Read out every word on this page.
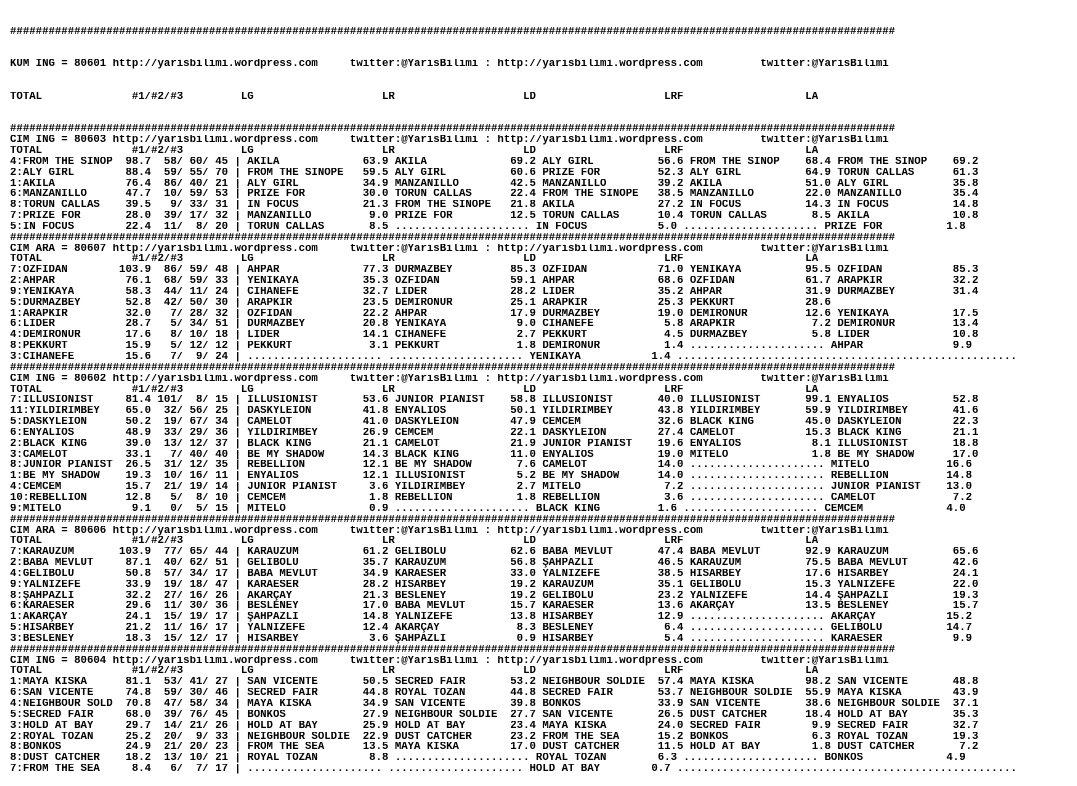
##########################################################################################################################################

KUM ING = 80601 http://yarisbilimi.wordpress.com     twitter:@YarisBilimi : http://yarisbilimi.wordpress.com         twitter:@YarisBilimi

TOTAL              #1/#2/#3         LG                    LR                    LD                    LRF                   LA

##########################################################################################################################################
CIM ING = 80603 http://yarisbilimi.wordpress.com     twitter:@YarisBilimi : http://yarisbilimi.wordpress.com         twitter:@YarisBilimi
TOTAL              #1/#2/#3         LG                    LR                    LD                    LRF                   LA
4:FROM THE SINOP  98.7  58/ 60/ 45 | AKILA             63.9 AKILA             69.2 ALY GIRL          56.6 FROM THE SINOP    68.4 FROM THE SINOP    69.2
2:ALY GIRL        88.4  59/ 55/ 70 | FROM THE SINOPE   59.5 ALY GIRL          60.6 PRIZE FOR         52.3 ALY GIRL          64.9 TORUN CALLAS      61.3
1:AKILA           76.4  86/ 40/ 21 | ALY GIRL          34.9 MANZANILLO        42.5 MANZANILLO        39.2 AKILA             51.0 ALY GIRL          35.8
6:MANZANILLO      47.7  10/ 59/ 53 | PRIZE FOR         30.0 TORUN CALLAS      22.4 FROM THE SINOPE   38.5 MANZANILLO        22.0 MANZANILLO        35.4
8:TORUN CALLAS    39.5   9/ 33/ 31 | IN FOCUS          21.3 FROM THE SINOPE   21.8 AKILA             27.2 IN FOCUS          14.3 IN FOCUS          14.8
7:PRIZE FOR       28.0  39/ 17/ 32 | MANZANILLO         9.0 PRIZE FOR         12.5 TORUN CALLAS      10.4 TORUN CALLAS       8.5 AKILA             10.8
5:IN FOCUS        22.4  11/  8/ 20 | TORUN CALLAS       8.5 ..................... IN FOCUS           5.0 ..................... PRIZE FOR          1.8
##########################################################################################################################################
CIM ARA = 80607 http://yarisbilimi.wordpress.com     twitter:@YarisBilimi : http://yarisbilimi.wordpress.com         twitter:@YarisBilimi
TOTAL              #1/#2/#3         LG                    LR                    LD                    LRF                   LA
7:ÖZFİDAN        103.9  86/ 59/ 48 | AHPAR             77.3 DURMAZBEY         85.3 ÖZFİDAN           71.0 YENİKAYA          95.5 ÖZFİDAN           85.3
2:AHPAR           76.1  68/ 59/ 33 | YENİKAYA          35.3 ÖZFİDAN           59.1 AHPAR             68.6 ÖZFİDAN           61.7 ARAPKIR           32.2
9:YENİKAYA        58.3  44/ 11/ 24 | CİHANEFE          32.7 LİDER             28.2 LİDER             35.2 AHPAR             31.9 DURMAZBEY         31.4
5:DURMAZBEY       52.8  42/ 50/ 30 | ARAPKIR           23.5 DEMİRONUR         25.1 ARAPKIR           25.3 PEKKURT           28.6
1:ARAPKIR         32.0   7/ 28/ 32 | ÖZFİDAN           22.2 AHPAR             17.9 DURMAZBEY         19.0 DEMİRONUR         12.6 YENİKAYA          17.5
6:LİDER           28.7   5/ 34/ 51 | DURMAZBEY         20.8 YENİKAYA           9.0 CİHANEFE           5.8 ARAPKIR            7.2 DEMİRONUR         13.4
4:DEMİRONUR       17.6   8/ 10/ 18 | LİDER             14.1 CİHANEFE           2.7 PEKKURT            4.5 DURMAZBEY          5.8 LİDER             10.8
8:PEKKURT         15.9   5/ 12/ 12 | PEKKURT            3.1 PEKKURT            1.8 DEMİRONUR          1.4 ..................... AHPAR              9.9
3:CİHANEFE        15.6   7/  9/ 24 | ..................... ..................... YENİKAYA           1.4 .....................................................
##########################################################################################################################################
CIM ING = 80602 http://yarisbilimi.wordpress.com     twitter:@YarisBilimi : http://yarisbilimi.wordpress.com         twitter:@YarisBilimi
TOTAL              #1/#2/#3         LG                    LR                    LD                    LRF                   LA
7:ILLUSIONIST     81.4 101/  8/ 15 | ILLUSIONIST       53.6 JUNIOR PIANIST    58.8 ILLUSIONIST       40.0 ILLUSIONIST       99.1 ENYALIOS          52.8
11:YILDIRIMBEY    65.0  32/ 56/ 25 | DASKYLEION        41.8 ENYALIOS          50.1 YILDIRIMBEY       43.8 YILDIRIMBEY       59.9 YILDIRIMBEY       41.6
5:DASKYLEION      50.2  19/ 67/ 34 | CAMELOT           41.0 DASKYLEION        47.9 CEMCEM            32.6 BLACK KING        45.0 DASKYLEION        22.3
6:ENYALIOS        48.9  33/ 29/ 36 | YILDIRIMBEY       26.9 CEMCEM            22.1 DASKYLEION        27.4 CAMELOT           15.3 BLACK KING        21.1
2:BLACK KING      39.0  13/ 12/ 37 | BLACK KING        21.1 CAMELOT           21.9 JUNIOR PIANIST    19.6 ENYALIOS           8.1 ILLUSIONIST       18.8
3:CAMELOT         33.1   7/ 40/ 40 | BE MY SHADOW      14.3 BLACK KING        11.0 ENYALIOS          19.0 MITELO             1.8 BE MY SHADOW      17.0
8:JUNIOR PIANIST  26.5  31/ 12/ 35 | REBELLION         12.1 BE MY SHADOW       7.6 CAMELOT           14.0 ..................... MITELO            16.6
1:BE MY SHADOW    19.3  10/ 16/ 11 | ENYALIOS          12.1 ILLUSIONIST        5.2 BE MY SHADOW      14.0 ..................... REBELLION         14.8
4:CEMCEM          15.7  21/ 19/ 14 | JUNIOR PIANIST     3.6 YILDIRIMBEY        2.7 MITELO             7.2 ..................... JUNIOR PIANIST    13.0
10:REBELLION      12.8   5/  8/ 10 | CEMCEM             1.8 REBELLION          1.8 REBELLION          3.6 ..................... CAMELOT            7.2
9:MITELO           9.1   0/  5/ 15 | MITELO             0.9 ..................... BLACK KING         1.6 ..................... CEMCEM             4.0
##########################################################################################################################################
CIM ARA = 80606 http://yarisbilimi.wordpress.com     twitter:@YarisBilimi : http://yarisbilimi.wordpress.com         twitter:@YarisBilimi
TOTAL              #1/#2/#3         LG                    LR                    LD                    LRF                   LA
7:KARAÜZÜM       103.9  77/ 65/ 44 | KARAÜZÜM          61.2 GELİBOLU          62.6 BABA MEVLÜT       47.4 BABA MEVLÜT       92.9 KARAÜZÜM          65.6
2:BABA MEVLÜT     87.1  40/ 62/ 51 | GELİBOLU          35.7 KARAÜZÜM          56.8 ŞAHPAZLI          46.5 KARAÜZÜM          75.5 BABA MEVLÜT       42.6
4:GELİBOLU        50.8  57/ 34/ 17 | BABA MEVLÜT       34.9 KARAESER          33.0 YALNIZEFE         38.5 HİSARBEY          17.6 HİSARBEY          24.1
9:YALNIZEFE       33.9  19/ 18/ 47 | KARAESER          28.2 HİSARBEY          19.2 KARAÜZÜM          35.1 GELİBOLU          15.3 YALNIZEFE         22.0
8:ŞAHPAZLI        32.2  27/ 16/ 26 | AKARÇAY           21.3 BESLENEY          19.2 GELİBOLU          23.2 YALNIZEFE         14.4 ŞAHPAZLI          19.3
6:KARAESER        29.6  11/ 30/ 36 | BESLENEY          17.0 BABA MEVLÜT       15.7 KARAESER          13.6 AKARÇAY           13.5 BESLENEY          15.7
1:AKARÇAY         24.1  15/ 19/ 17 | ŞAHPAZLI          14.8 YALNIZEFE         13.8 HİSARBEY          12.9 ..................... AKARÇAY           15.2
5:HİSARBEY        21.2  11/ 16/ 17 | YALNIZEFE         12.4 AKARÇAY            8.3 BESLENEY           6.4 ..................... GELİBOLU          14.7
3:BESLENEY        18.3  15/ 12/ 17 | HİSARBEY           3.6 ŞAHPAZLI           0.9 HİSARBEY           5.4 ..................... KARAESER           9.9
##########################################################################################################################################
CIM ING = 80604 http://yarisbilimi.wordpress.com     twitter:@YarisBilimi : http://yarisbilimi.wordpress.com         twitter:@YarisBilimi
TOTAL              #1/#2/#3         LG                    LR                    LD                    LRF                   LA
1:MAYA KISKA      81.1  53/ 41/ 27 | SAN VICENTE       50.5 SECRED FAIR       53.2 NEIGHBOUR SOLDIE  57.4 MAYA KISKA        98.2 SAN VICENTE       48.8
6:SAN VICENTE     74.8  59/ 30/ 46 | SECRED FAIR       44.8 ROYAL TOZAN       44.8 SECRED FAIR       53.7 NEIGHBOUR SOLDIE  55.9 MAYA KISKA        43.9
4:NEIGHBOUR SOLD  70.8  47/ 58/ 34 | MAYA KISKA        34.9 SAN VICENTE       39.8 BONKOS            33.9 SAN VICENTE       38.6 NEIGHBOUR SOLDIE  37.1
5:SECRED FAIR     68.0  39/ 76/ 45 | BONKOS            27.9 NEIGHBOUR SOLDIE  27.7 SAN VICENTE       26.5 DUST CATCHER      18.4 HOLD AT BAY       35.3
3:HOLD AT BAY     29.7  14/ 21/ 26 | HOLD AT BAY       25.9 HOLD AT BAY       23.4 MAYA KISKA        24.0 SECRED FAIR        9.9 SECRED FAIR       32.7
2:ROYAL TOZAN     25.2  20/  9/ 33 | NEIGHBOUR SOLDIE  22.9 DUST CATCHER      23.2 FROM THE SEA      15.2 BONKOS             6.3 ROYAL TOZAN       19.3
8:BONKOS          24.9  21/ 20/ 23 | FROM THE SEA      13.5 MAYA KISKA        17.0 DUST CATCHER      11.5 HOLD AT BAY        1.8 DUST CATCHER       7.2
8:DUST CATCHER    18.2  13/ 10/ 21 | ROYAL TOZAN        8.8 ..................... ROYAL TOZAN        6.3 ..................... BONKOS             4.9
7:FROM THE SEA     8.4   6/  7/ 17 | ..................... ..................... HOLD AT BAY        0.7 .....................................................
